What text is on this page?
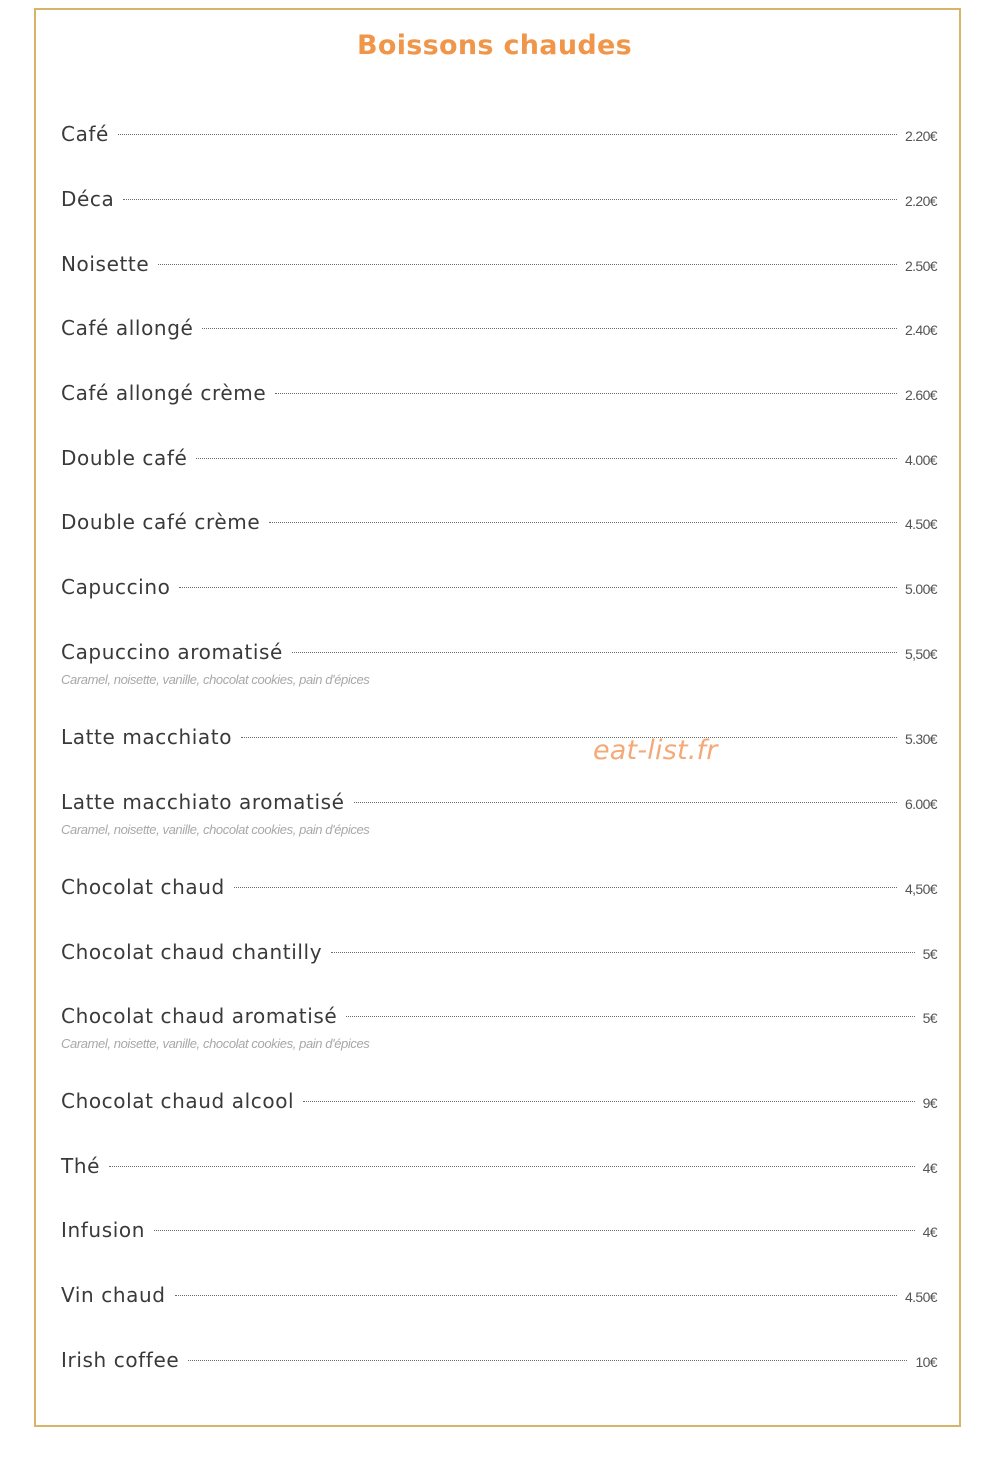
Boissons chaudes
Café	2.20€
Déca	2.20€
Noisette	2.50€
Café allongé	2.40€
Café allongé crème	2.60€
Double café	4.00€
Double café crème	4.50€
Capuccino	5.00€
Capuccino aromatisé	5,50€
Caramel, noisette, vanille, chocolat cookies, pain d'épices
Latte macchiato	5.30€
Latte macchiato aromatisé	6.00€
Caramel, noisette, vanille, chocolat cookies, pain d'épices
Chocolat chaud	4,50€
Chocolat chaud chantilly	5€
Chocolat chaud aromatisé	5€
Caramel, noisette, vanille, chocolat cookies, pain d'épices
Chocolat chaud alcool	9€
Thé	4€
Infusion	4€
Vin chaud	4.50€
Irish coffee	10€
eat-list.fr
